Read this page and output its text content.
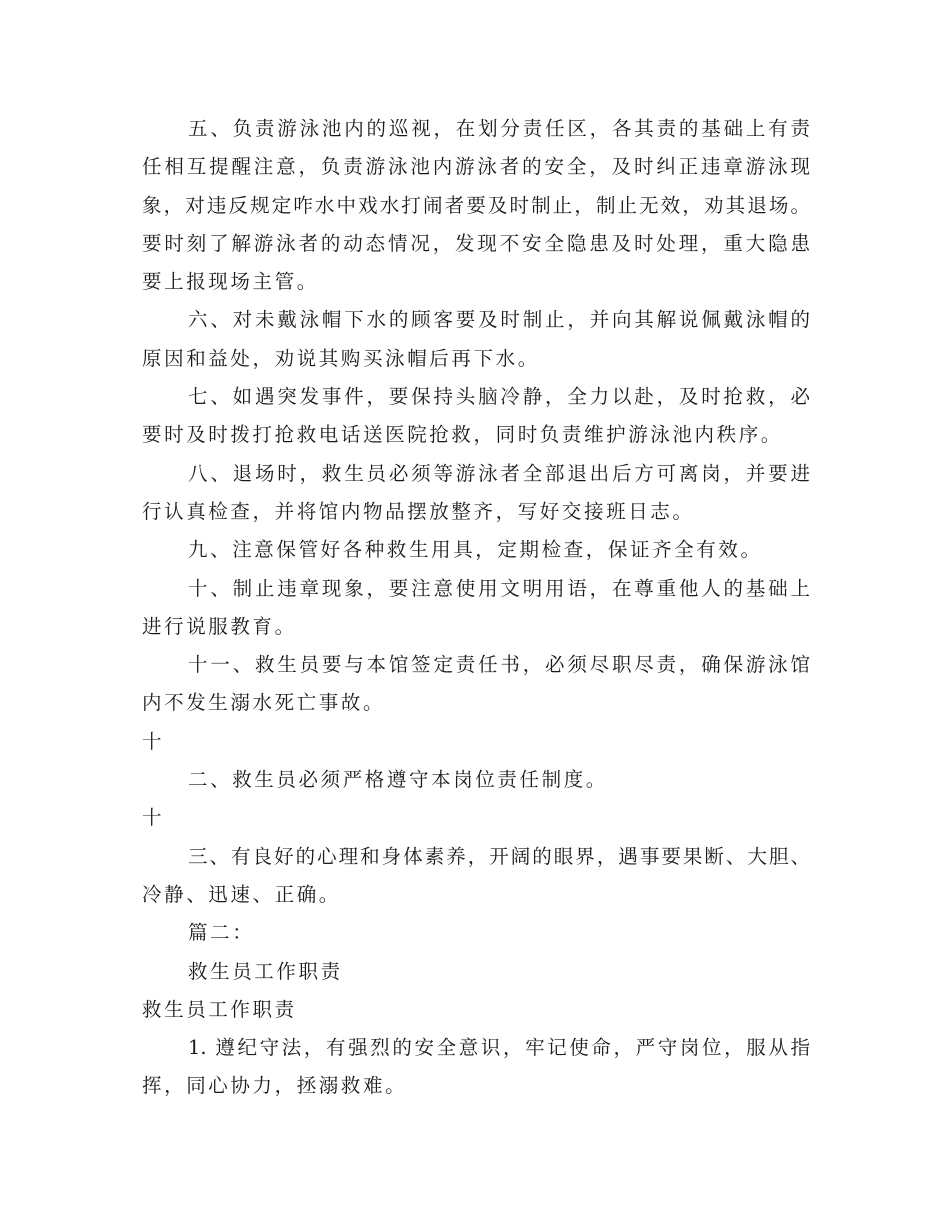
五、负责游泳池内的巡视，在划分责任区，各其责的基础上有责
任相互提醒注意，负责游泳池内游泳者的安全，及时纠正违章游泳现
象，对违反规定咋水中戏水打闹者要及时制止，制止无效，劝其退场。
要时刻了解游泳者的动态情况，发现不安全隐患及时处理，重大隐患
要上报现场主管。
六、对未戴泳帽下水的顾客要及时制止，并向其解说佩戴泳帽的
原因和益处，劝说其购买泳帽后再下水。
七、如遇突发事件，要保持头脑冷静，全力以赴，及时抢救，必
要时及时拨打抢救电话送医院抢救，同时负责维护游泳池内秩序。
八、退场时，救生员必须等游泳者全部退出后方可离岗，并要进
行认真检查，并将馆内物品摆放整齐，写好交接班日志。
九、注意保管好各种救生用具，定期检查，保证齐全有效。
十、制止违章现象，要注意使用文明用语，在尊重他人的基础上
进行说服教育。
十一、救生员要与本馆签定责任书，必须尽职尽责，确保游泳馆
内不发生溺水死亡事故。
十
二、救生员必须严格遵守本岗位责任制度。
十
三、有良好的心理和身体素养，开阔的眼界，遇事要果断、大胆、
冷静、迅速、正确。
篇二：
救生员工作职责
救生员工作职责
1. 遵纪守法，有强烈的安全意识，牢记使命，严守岗位，服从指
挥，同心协力，拯溺救难。
